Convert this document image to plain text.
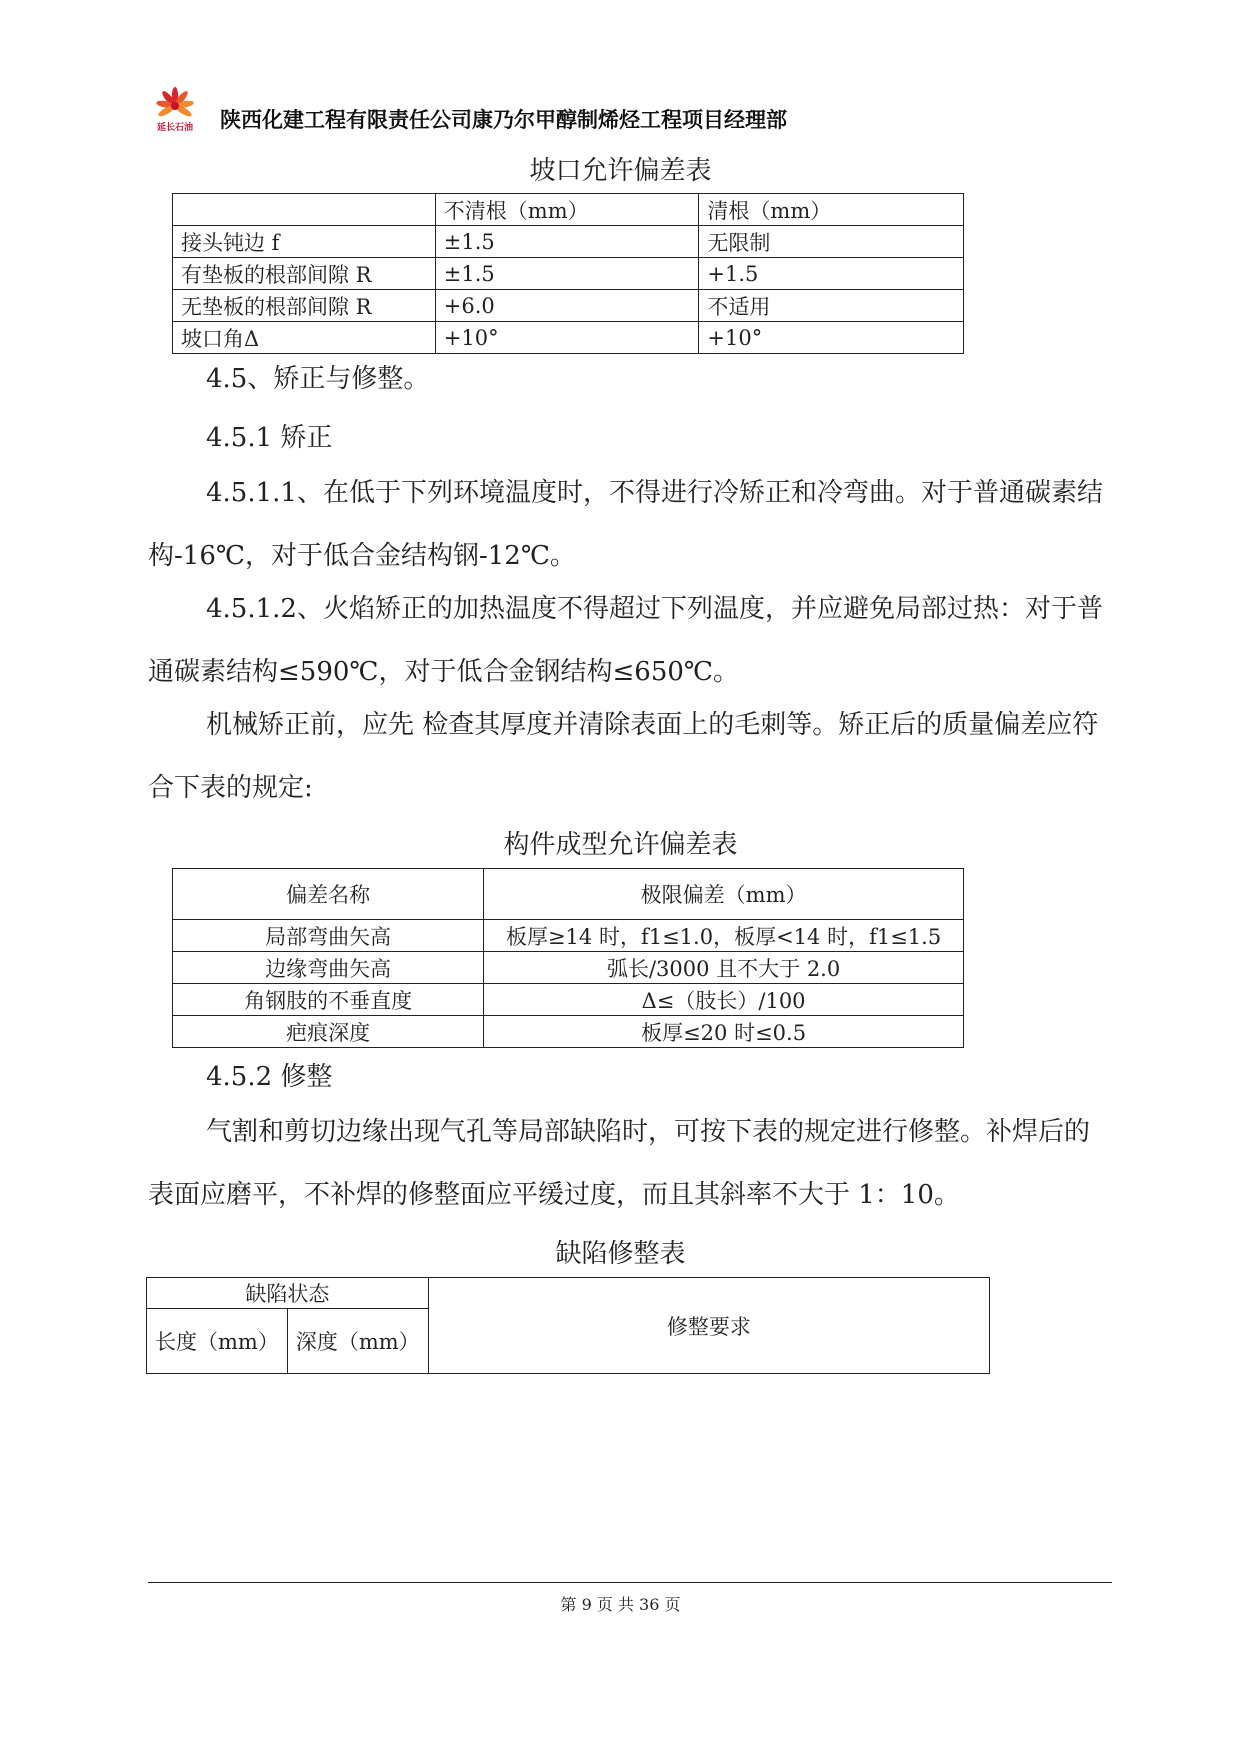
延长石油	陕西化建工程有限责任公司康乃尔甲醇制烯烃工程项目经理部
坡口允许偏差表
	不清根（mm）	清根（mm）
接头钝边 f	±1.5	无限制
有垫板的根部间隙 R	±1.5	+1.5
无垫板的根部间隙 R	+6.0	不适用
坡口角Δ	+10°	+10°
4.5、矫正与修整。
4.5.1 矫正

4.5.1.1、在低于下列环境温度时，不得进行冷矫正和冷弯曲。对于普通碳素结构-16℃，对于低合金结构钢-12℃。

4.5.1.2、火焰矫正的加热温度不得超过下列温度，并应避免局部过热：对于普通碳素结构≤590℃，对于低合金钢结构≤650℃。

机械矫正前，应先 检查其厚度并清除表面上的毛刺等。矫正后的质量偏差应符合下表的规定:

构件成型允许偏差表
偏差名称	极限偏差（mm）
局部弯曲矢高	板厚≥14 时，f1≤1.0，板厚<14 时，f1≤1.5
边缘弯曲矢高	弧长/3000 且不大于 2.0
角钢肢的不垂直度	Δ≤（肢长）/100
疤痕深度	板厚≤20 时≤0.5
4.5.2 修整

气割和剪切边缘出现气孔等局部缺陷时，可按下表的规定进行修整。补焊后的表面应磨平，不补焊的修整面应平缓过度，而且其斜率不大于 1：10。

缺陷修整表
缺陷状态		修整要求
长度（mm）	深度（mm）	
第 9 页 共 36 页
